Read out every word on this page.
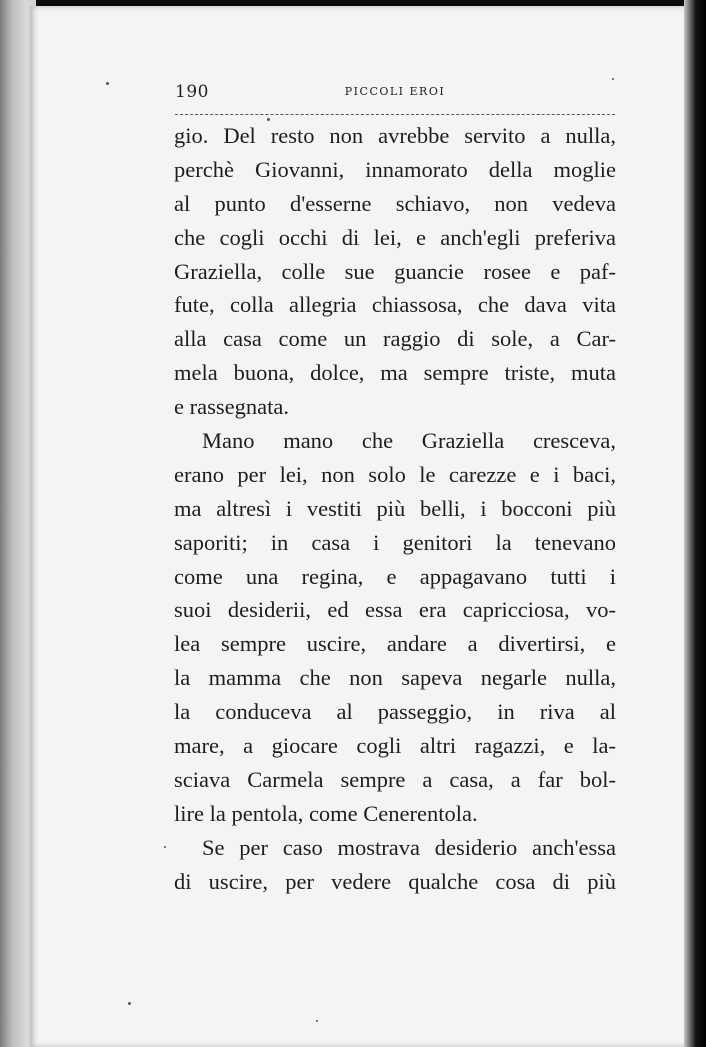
190	PICCOLI EROI
gio. Del resto non avrebbe servito a nulla,
perchè Giovanni, innamorato della moglie
al punto d'esserne schiavo, non vedeva
che cogli occhi di lei, e anch'egli preferiva
Graziella, colle sue guancie rosee e paf-
fute, colla allegria chiassosa, che dava vita
alla casa come un raggio di sole, a Car-
mela buona, dolce, ma sempre triste, muta
e rassegnata.
Mano mano che Graziella cresceva,
erano per lei, non solo le carezze e i baci,
ma altresì i vestiti più belli, i bocconi più
saporiti; in casa i genitori la tenevano
come una regina, e appagavano tutti i
suoi desiderii, ed essa era capricciosa, vo-
lea sempre uscire, andare a divertirsi, e
la mamma che non sapeva negarle nulla,
la conduceva al passeggio, in riva al
mare, a giocare cogli altri ragazzi, e la-
sciava Carmela sempre a casa, a far bol-
lire la pentola, come Cenerentola.
Se per caso mostrava desiderio anch'essa
di uscire, per vedere qualche cosa di più
